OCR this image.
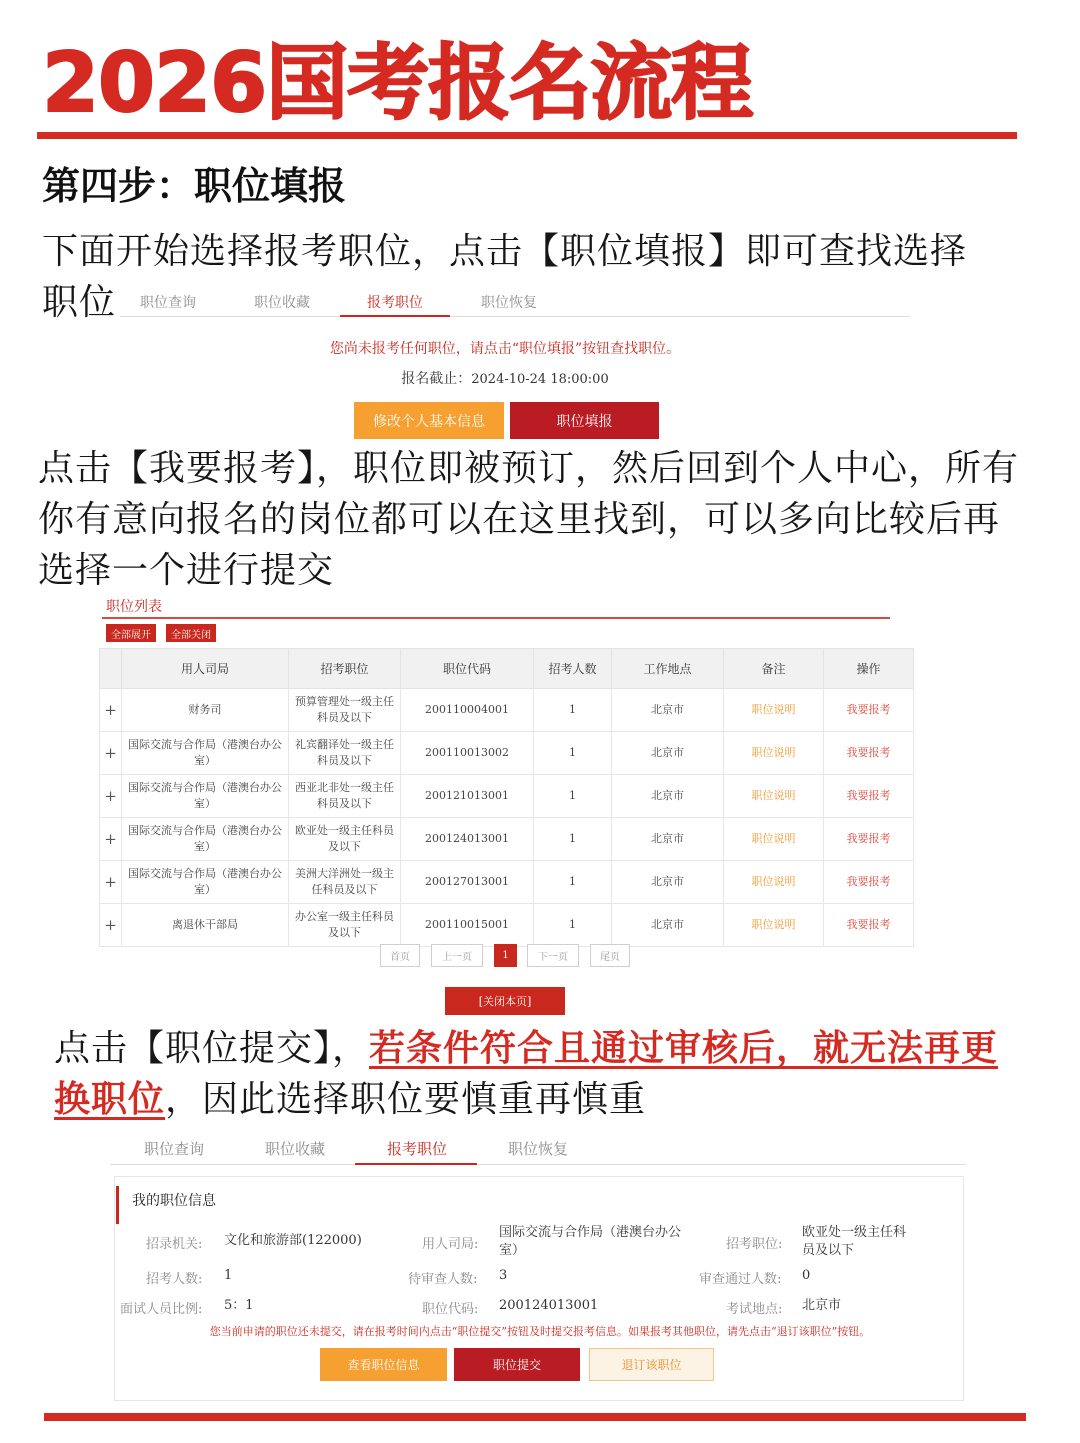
2026国考报名流程
第四步：职位填报
下面开始选择报考职位，点击【职位填报】即可查找选择职位	职位查询	职位收藏	报考职位	职位恢复
您尚未报考任何职位，请点击“职位填报”按钮查找职位。
报名截止：2024-10-24 18:00:00
修改个人基本信息	职位填报
点击【我要报考】，职位即被预订，然后回到个人中心，所有你有意向报名的岗位都可以在这里找到，可以多向比较后再选择一个进行提交
职位列表
全部展开	全部关闭
	用人司局	招考职位	职位代码	招考人数	工作地点	备注	操作
+	财务司	预算管理处一级主任科员及以下	200110004001	1	北京市	职位说明	我要报考
+	国际交流与合作局（港澳台办公室）	礼宾翻译处一级主任科员及以下	200110013002	1	北京市	职位说明	我要报考
+	国际交流与合作局（港澳台办公室）	西亚北非处一级主任科员及以下	200121013001	1	北京市	职位说明	我要报考
+	国际交流与合作局（港澳台办公室）	欧亚处一级主任科员及以下	200124013001	1	北京市	职位说明	我要报考
+	国际交流与合作局（港澳台办公室）	美洲大洋洲处一级主任科员及以下	200127013001	1	北京市	职位说明	我要报考
+	离退休干部局	办公室一级主任科员及以下	200110015001	1	北京市	职位说明	我要报考
首页	上一页	1	下一页	尾页
[关闭本页]
点击【职位提交】，若条件符合且通过审核后，就无法再更换职位，因此选择职位要慎重再慎重
职位查询	职位收藏	报考职位	职位恢复
我的职位信息
招录机关: 文化和旅游部(122000)	用人司局:
国际交流与合作局（港澳台办公室）	招考职位:
欧亚处一级主任科员及以下
招考人数: 1	待审查人数: 3	审查通过人数: 0
面试人员比例: 5：1	职位代码: 200124013001	考试地点: 北京市
您当前申请的职位还未提交，请在报考时间内点击“职位提交”按钮及时提交报考信息。如果报考其他职位，请先点击“退订该职位”按钮。
查看职位信息	职位提交	退订该职位
